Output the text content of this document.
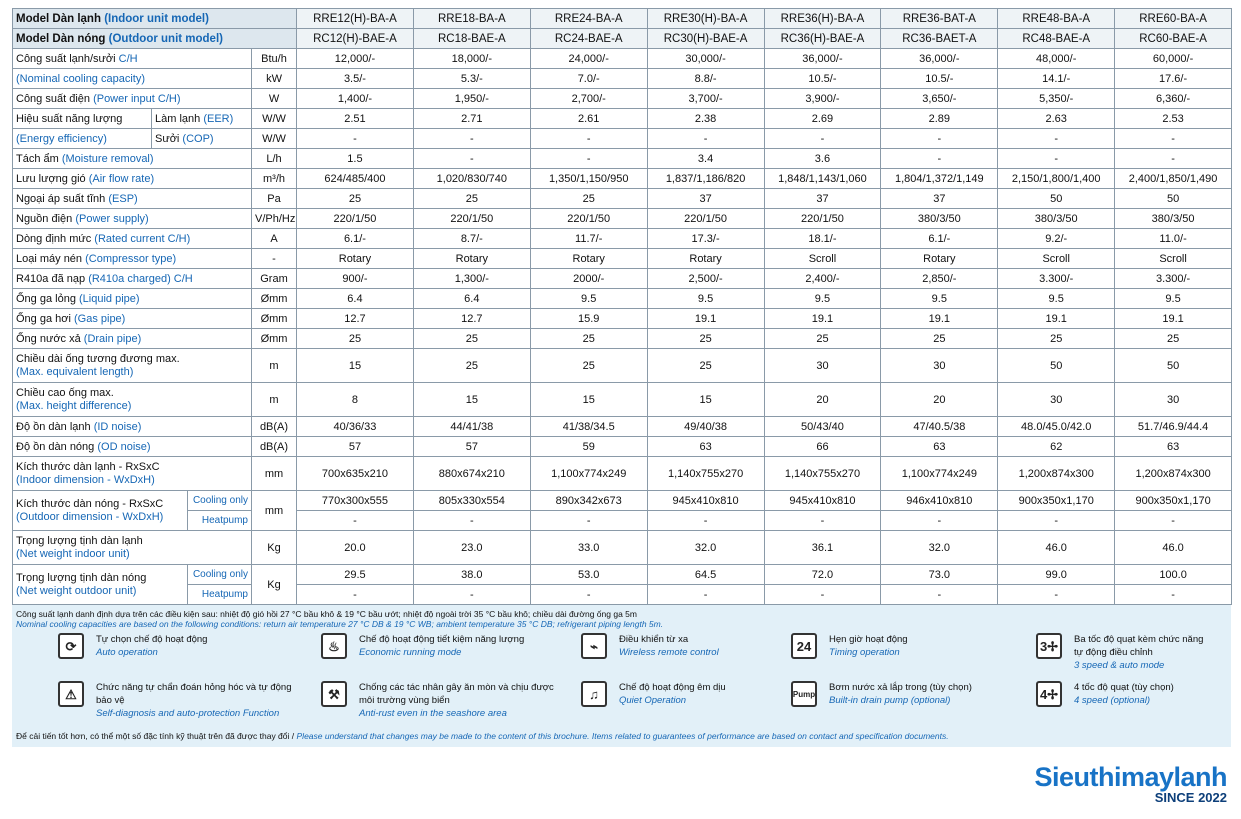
Model Dàn lạnh (Indoor unit model)				RRE12(H)-BA-A	RRE18-BA-A	RRE24-BA-A	RRE30(H)-BA-A	RRE36(H)-BA-A	RRE36-BAT-A	RRE48-BA-A	RRE60-BA-A
Model Dàn nóng (Outdoor unit model)				RC12(H)-BAE-A	RC18-BAE-A	RC24-BAE-A	RC30(H)-BAE-A	RC36(H)-BAE-A	RC36-BAET-A	RC48-BAE-A	RC60-BAE-A
Công suất lạnh/sưởi C/H			Btu/h	12,000/-	18,000/-	24,000/-	30,000/-	36,000/-	36,000/-	48,000/-	60,000/-
(Nominal cooling capacity)			kW	3.5/-	5.3/-	7.0/-	8.8/-	10.5/-	10.5/-	14.1/-	17.6/-
Công suất điện (Power input C/H)			W	1,400/-	1,950/-	2,700/-	3,700/-	3,900/-	3,650/-	5,350/-	6,360/-
Hiệu suất năng lượng	Làm lạnh (EER)		W/W	2.51	2.71	2.61	2.38	2.69	2.89	2.63	2.53
(Energy efficiency)	Sưởi (COP)		W/W	-	-	-	-	-	-	-	-
Tách ẩm (Moisture removal)			L/h	1.5	-	-	3.4	3.6	-	-	-
Lưu lượng gió (Air flow rate)			m³/h	624/485/400	1,020/830/740	1,350/1,150/950	1,837/1,186/820	1,848/1,143/1,060	1,804/1,372/1,149	2,150/1,800/1,400	2,400/1,850/1,490
Ngoại áp suất tĩnh (ESP)			Pa	25	25	25	37	37	37	50	50
Nguồn điện (Power supply)			V/Ph/Hz	220/1/50	220/1/50	220/1/50	220/1/50	220/1/50	380/3/50	380/3/50	380/3/50
Dòng định mức (Rated current C/H)			A	6.1/-	8.7/-	11.7/-	17.3/-	18.1/-	6.1/-	9.2/-	11.0/-
Loại máy nén (Compressor type)			-	Rotary	Rotary	Rotary	Rotary	Scroll	Rotary	Scroll	Scroll
R410a đã nạp (R410a charged) C/H			Gram	900/-	1,300/-	2000/-	2,500/-	2,400/-	2,850/-	3.300/-	3.300/-
Ống ga lỏng (Liquid pipe)			Ømm	6.4	6.4	9.5	9.5	9.5	9.5	9.5	9.5
Ống ga hơi (Gas pipe)			Ømm	12.7	12.7	15.9	19.1	19.1	19.1	19.1	19.1
Ống nước xả (Drain pipe)			Ømm	25	25	25	25	25	25	25	25
Chiều dài ống tương đương max.
(Max. equivalent length)			m	15	25	25	25	30	30	50	50
Chiều cao ống max.
(Max. height difference)			m	8	15	15	15	20	20	30	30
Độ ồn dàn lạnh (ID noise)			dB(A)	40/36/33	44/41/38	41/38/34.5	49/40/38	50/43/40	47/40.5/38	48.0/45.0/42.0	51.7/46.9/44.4
Độ ồn dàn nóng (OD noise)			dB(A)	57	57	59	63	66	63	62	63
Kích thước dàn lạnh - RxSxC
(Indoor dimension - WxDxH)			mm	700x635x210	880x674x210	1,100x774x249	1,140x755x270	1,140x755x270	1,100x774x249	1,200x874x300	1,200x874x300
Kích thước dàn nóng - RxSxC
(Outdoor dimension - WxDxH)		Cooling only	mm	770x300x555	805x330x554	890x342x673	945x410x810	945x410x810	946x410x810	900x350x1,170	900x350x1,170
		Heatpump		-	-	-	-	-	-	-	-
Trọng lượng tịnh dàn lạnh
(Net weight indoor unit)			Kg	20.0	23.0	33.0	32.0	36.1	32.0	46.0	46.0
Trọng lượng tịnh dàn nóng
(Net weight outdoor unit)		Cooling only	Kg	29.5	38.0	53.0	64.5	72.0	73.0	99.0	100.0
		Heatpump		-	-	-	-	-	-	-	-
Công suất lạnh danh định dựa trên các điều kiện sau: nhiệt độ gió hồi 27 °C bầu khô & 19 °C bầu ướt; nhiệt độ ngoài trời 35 °C bầu khô; chiều dài đường ống ga 5m
Nominal cooling capacities are based on the following conditions: return air temperature 27 °C DB & 19 °C WB; ambient temperature 35 °C DB; refrigerant piping length 5m.
⟳	Tự chọn chế độ hoạt động
Auto operation	♨	Chế độ hoạt động tiết kiệm năng lượng
Economic running mode	⌁	Điều khiển từ xa
Wireless remote control	24	Hẹn giờ hoạt động
Timing operation	3✢	Ba tốc độ quạt kèm chức năng tự động điều chỉnh
3 speed & auto mode
⚠	Chức năng tự chẩn đoán hỏng hóc và tự động bảo vệ
Self-diagnosis and auto-protection Function
⚒	Chống các tác nhân gây ăn mòn và chịu được môi trường vùng biển
Anti-rust even in the seashore area
♫	Chế độ hoạt động êm dịu
Quiet Operation
Pump
Bơm nước xả lắp trong (tùy chọn)
Built-in drain pump (optional)	4✢	4 tốc độ quạt (tùy chọn)
4 speed (optional)
Để cải tiến tốt hơn, có thể một số đặc tính kỹ thuật trên đã được thay đổi / Please understand that changes may be made to the content of this brochure. Items related to guarantees of performance are based on contact and specification documents.
Sieuthimaylanh
SINCE 2022
